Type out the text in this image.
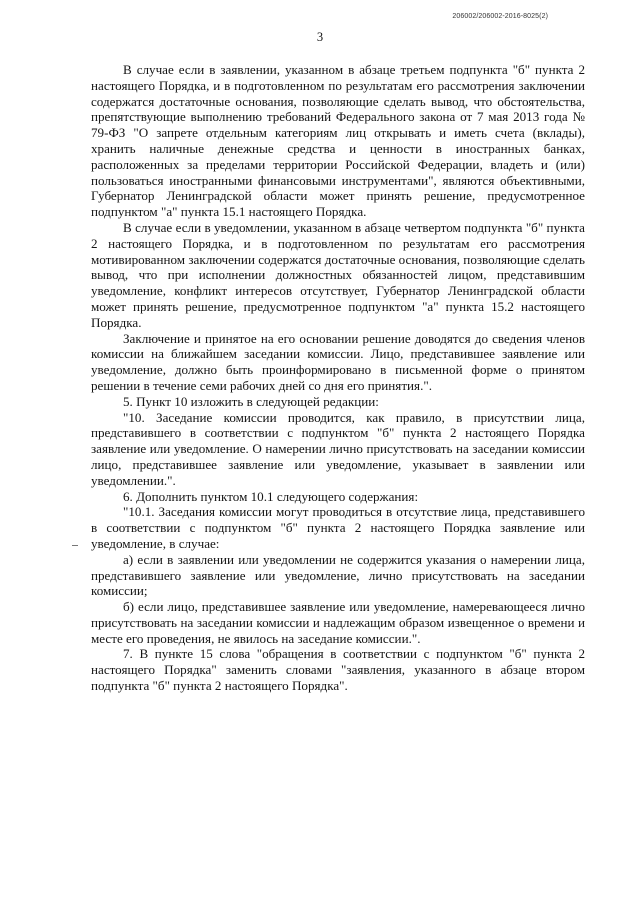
206002/206002-2016-8025(2)
3

В случае если в заявлении, указанном в абзаце третьем подпункта "б" пункта 2 настоящего Порядка, и в подготовленном по результатам его рассмотрения заключении содержатся достаточные основания, позволяющие сделать вывод, что обстоятельства, препятствующие выполнению требований Федерального закона от 7 мая 2013 года № 79-ФЗ "О запрете отдельным категориям лиц открывать и иметь счета (вклады), хранить наличные денежные средства и ценности в иностранных банках, расположенных за пределами территории Российской Федерации, владеть и (или) пользоваться иностранными финансовыми инструментами", являются объективными, Губернатор Ленинградской области может принять решение, предусмотренное подпунктом "а" пункта 15.1 настоящего Порядка.

В случае если в уведомлении, указанном в абзаце четвертом подпункта "б" пункта 2 настоящего Порядка, и в подготовленном по результатам его рассмотрения мотивированном заключении содержатся достаточные основания, позволяющие сделать вывод, что при исполнении должностных обязанностей лицом, представившим уведомление, конфликт интересов отсутствует, Губернатор Ленинградской области может принять решение, предусмотренное подпунктом "а" пункта 15.2 настоящего Порядка.

Заключение и принятое на его основании решение доводятся до сведения членов комиссии на ближайшем заседании комиссии. Лицо, представившее заявление или уведомление, должно быть проинформировано в письменной форме о принятом решении в течение семи рабочих дней со дня его принятия.".

5. Пункт 10 изложить в следующей редакции:

"10. Заседание комиссии проводится, как правило, в присутствии лица, представившего в соответствии с подпунктом "б" пункта 2 настоящего Порядка заявление или уведомление. О намерении лично присутствовать на заседании комиссии лицо, представившее заявление или уведомление, указывает в заявлении или уведомлении.".

6. Дополнить пунктом 10.1 следующего содержания:

"10.1. Заседания комиссии могут проводиться в отсутствие лица, представившего в соответствии с подпунктом "б" пункта 2 настоящего Порядка заявление или уведомление, в случае:

а) если в заявлении или уведомлении не содержится указания о намерении лица, представившего заявление или уведомление, лично присутствовать на заседании комиссии;

б) если лицо, представившее заявление или уведомление, намеревающееся лично присутствовать на заседании комиссии и надлежащим образом извещенное о времени и месте его проведения, не явилось на заседание комиссии.".

7. В пункте 15 слова "обращения в соответствии с подпунктом "б" пункта 2 настоящего Порядка" заменить словами "заявления, указанного в абзаце втором подпункта "б" пункта 2 настоящего Порядка".
